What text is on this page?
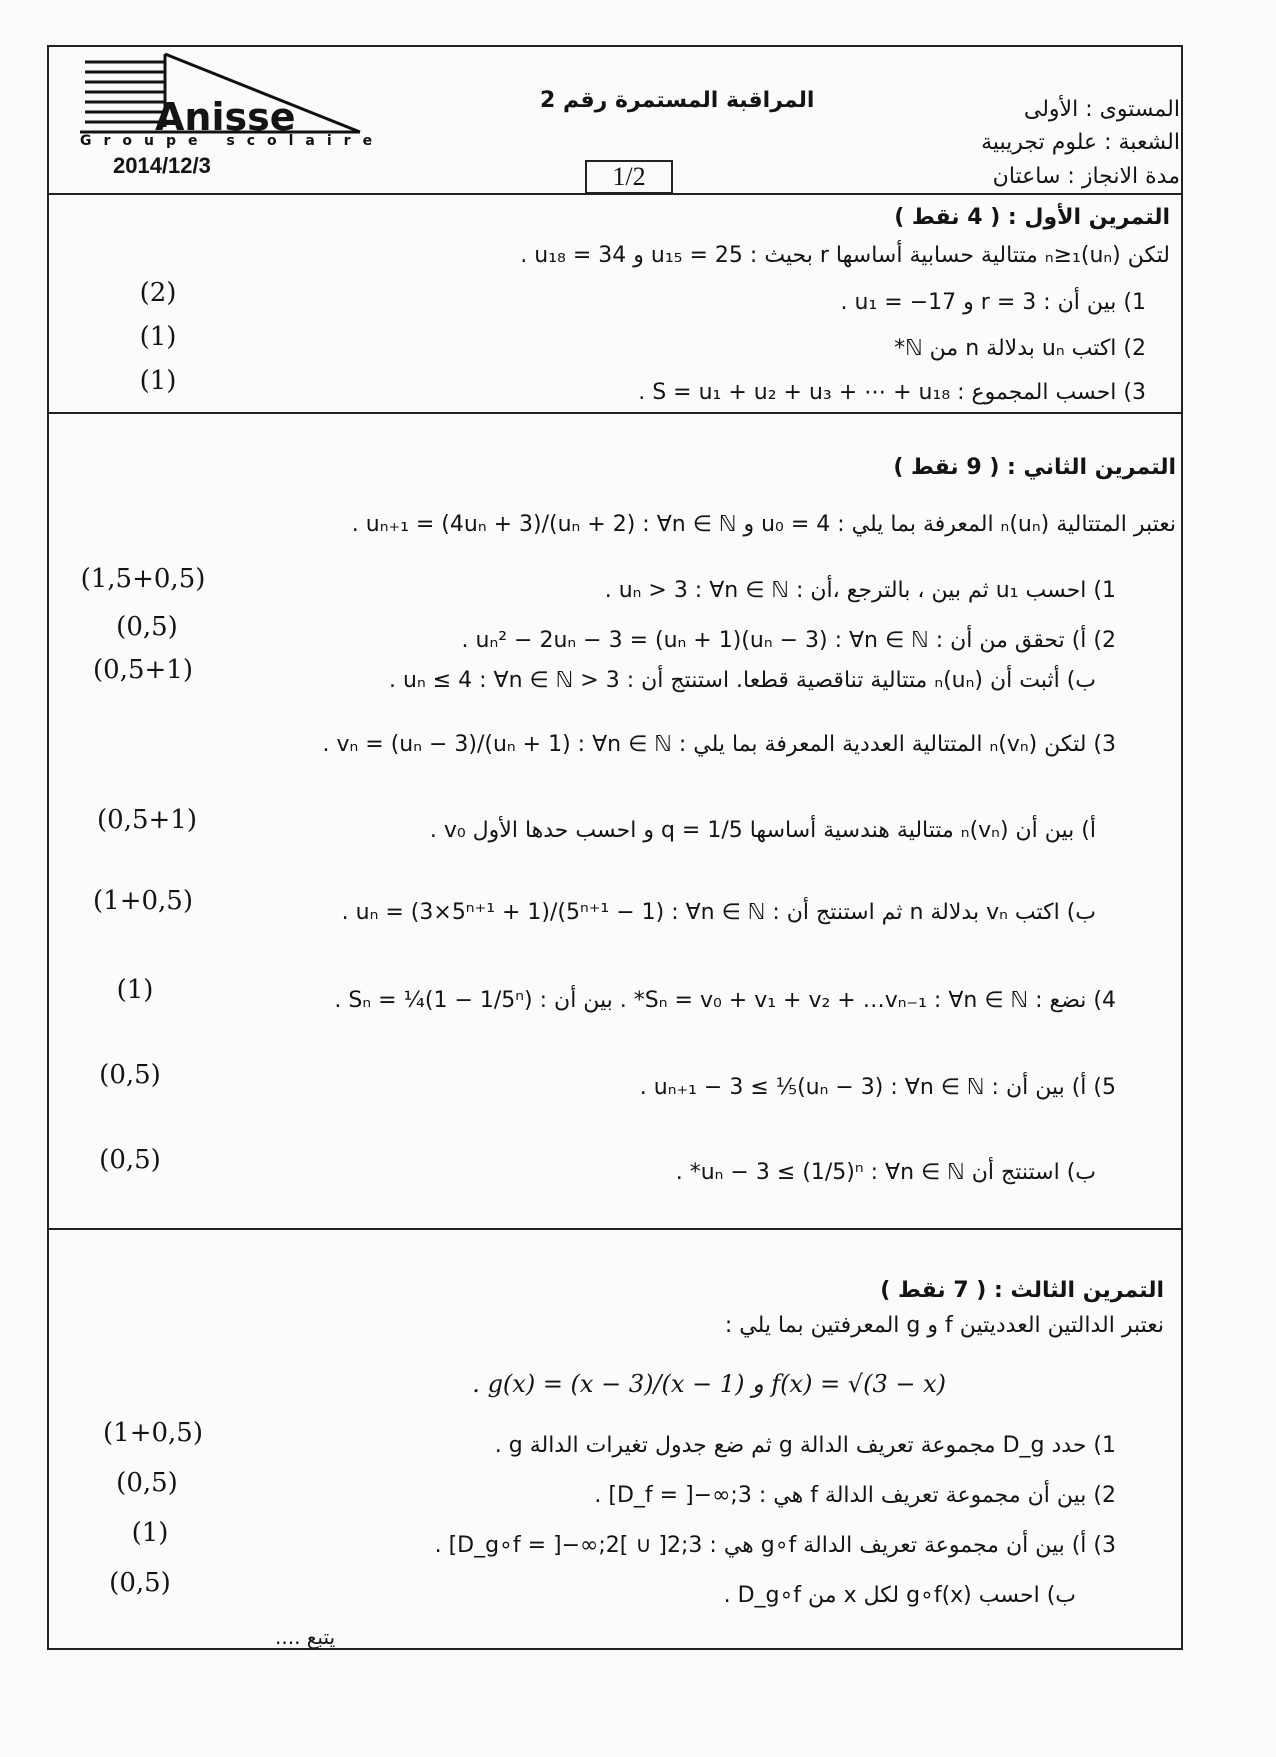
Anisse
Groupe scolaire
2014/12/3
المراقبة المستمرة رقم 2
1/2
المستوى : الأولى
الشعبة : علوم تجريبية
مدة الانجاز : ساعتان
التمرين الأول : ( 4 نقط )
لتكن (uₙ)ₙ≥₁ متتالية حسابية أساسها r بحيث : u₁₅ = 25 و u₁₈ = 34 .
1) بين أن : r = 3 و u₁ = −17 .
(2)
2) اكتب uₙ بدلالة n من ℕ*
(1)
3) احسب المجموع : S = u₁ + u₂ + u₃ + ⋯ + u₁₈ .
(1)
التمرين الثاني : ( 9 نقط )
نعتبر المتتالية (uₙ)ₙ المعرفة بما يلي : u₀ = 4 و uₙ₊₁ = (4uₙ + 3)/(uₙ + 2) : ∀n ∈ ℕ .
1) احسب u₁ ثم بين ، بالترجع ،أن : uₙ > 3 : ∀n ∈ ℕ .
(1,5+0,5)
2) أ) تحقق من أن : uₙ² − 2uₙ − 3 = (uₙ + 1)(uₙ − 3) : ∀n ∈ ℕ .
(0,5)
ب) أثبت أن (uₙ)ₙ متتالية تناقصية قطعا. استنتج أن : 3 < uₙ ≤ 4 : ∀n ∈ ℕ .
(0,5+1)
3) لتكن (vₙ)ₙ المتتالية العددية المعرفة بما يلي : vₙ = (uₙ − 3)/(uₙ + 1) : ∀n ∈ ℕ .
أ) بين أن (vₙ)ₙ متتالية هندسية أساسها q = 1/5 و احسب حدها الأول v₀ .
(0,5+1)
ب) اكتب vₙ بدلالة n ثم استنتج أن : uₙ = (3×5ⁿ⁺¹ + 1)/(5ⁿ⁺¹ − 1) : ∀n ∈ ℕ .
(1+0,5)
4) نضع : Sₙ = v₀ + v₁ + v₂ + …vₙ₋₁ : ∀n ∈ ℕ* . بين أن : Sₙ = ¼(1 − 1/5ⁿ) .
(1)
5) أ) بين أن : uₙ₊₁ − 3 ≤ ⅕(uₙ − 3) : ∀n ∈ ℕ .
(0,5)
ب) استنتج أن uₙ − 3 ≤ (1/5)ⁿ : ∀n ∈ ℕ* .
(0,5)
التمرين الثالث : ( 7 نقط )
نعتبر الدالتين العدديتين f و g المعرفتين بما يلي :
f(x) = √(3 − x) و g(x) = (x − 3)/(x − 1) .
1) حدد D_g مجموعة تعريف الدالة g ثم ضع جدول تغيرات الدالة g .
(1+0,5)
2) بين أن مجموعة تعريف الدالة f هي : D_f = ]−∞;3] .
(0,5)
3) أ) بين أن مجموعة تعريف الدالة g∘f هي : D_g∘f = ]−∞;2[ ∪ ]2;3] .
(1)
ب) احسب g∘f(x) لكل x من D_g∘f .
(0,5)
يتبع ....
